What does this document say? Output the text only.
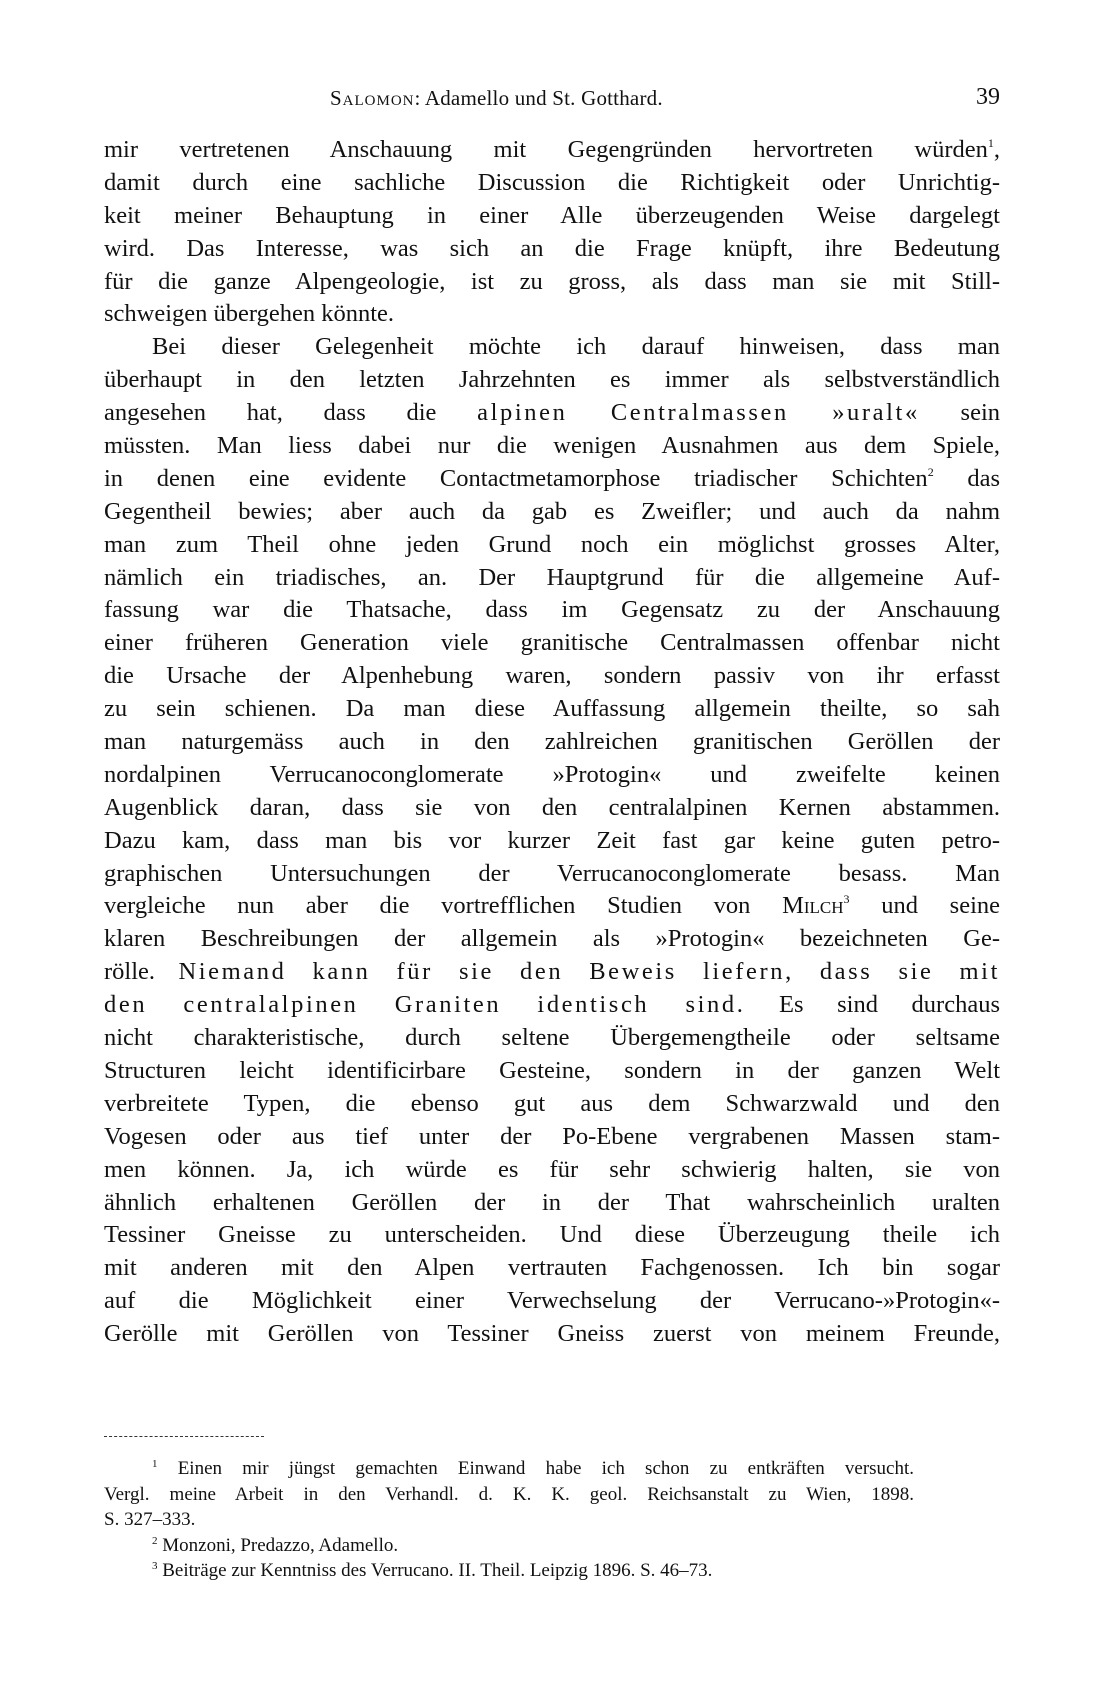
Salomon: Adamello und St. Gotthard.	39
mir vertretenen Anschauung mit Gegengründen hervortreten würden$^1$,
damit durch eine sachliche Discussion die Richtigkeit oder Unrichtig-
keit meiner Behauptung in einer Alle überzeugenden Weise dargelegt
wird. Das Interesse, was sich an die Frage knüpft, ihre Bedeutung
für die ganze Alpengeologie, ist zu gross, als dass man sie mit Still-
schweigen übergehen könnte.
Bei dieser Gelegenheit möchte ich darauf hinweisen, dass man
überhaupt in den letzten Jahrzehnten es immer als selbstverständlich
angesehen hat, dass die alpinen Centralmassen »uralt« sein
müssten. Man liess dabei nur die wenigen Ausnahmen aus dem Spiele,
in denen eine evidente Contactmetamorphose triadischer Schichten$^2$ das
Gegentheil bewies; aber auch da gab es Zweifler; und auch da nahm
man zum Theil ohne jeden Grund noch ein möglichst grosses Alter,
nämlich ein triadisches, an. Der Hauptgrund für die allgemeine Auf-
fassung war die Thatsache, dass im Gegensatz zu der Anschauung
einer früheren Generation viele granitische Centralmassen offenbar nicht
die Ursache der Alpenhebung waren, sondern passiv von ihr erfasst
zu sein schienen. Da man diese Auffassung allgemein theilte, so sah
man naturgemäss auch in den zahlreichen granitischen Geröllen der
nordalpinen Verrucanoconglomerate »Protogin« und zweifelte keinen
Augenblick daran, dass sie von den centralalpinen Kernen abstammen.
Dazu kam, dass man bis vor kurzer Zeit fast gar keine guten petro-
graphischen Untersuchungen der Verrucanoconglomerate besass. Man
vergleiche nun aber die vortrefflichen Studien von Milch$^3$ und seine
klaren Beschreibungen der allgemein als »Protogin« bezeichneten Ge-
rölle. Niemand kann für sie den Beweis liefern, dass sie mit
den centralalpinen Graniten identisch sind. Es sind durchaus
nicht charakteristische, durch seltene Übergemengtheile oder seltsame
Structuren leicht identificirbare Gesteine, sondern in der ganzen Welt
verbreitete Typen, die ebenso gut aus dem Schwarzwald und den
Vogesen oder aus tief unter der Po-Ebene vergrabenen Massen stam-
men können. Ja, ich würde es für sehr schwierig halten, sie von
ähnlich erhaltenen Geröllen der in der That wahrscheinlich uralten
Tessiner Gneisse zu unterscheiden. Und diese Überzeugung theile ich
mit anderen mit den Alpen vertrauten Fachgenossen. Ich bin sogar
auf die Möglichkeit einer Verwechselung der Verrucano-»Protogin«-
Gerölle mit Geröllen von Tessiner Gneiss zuerst von meinem Freunde,
$^1$ Einen mir jüngst gemachten Einwand habe ich schon zu entkräften versucht.
Vergl. meine Arbeit in den Verhandl. d. K. K. geol. Reichsanstalt zu Wien, 1898.
S. 327–333.
$^2$ Monzoni, Predazzo, Adamello.
$^3$ Beiträge zur Kenntniss des Verrucano. II. Theil. Leipzig 1896. S. 46–73.
